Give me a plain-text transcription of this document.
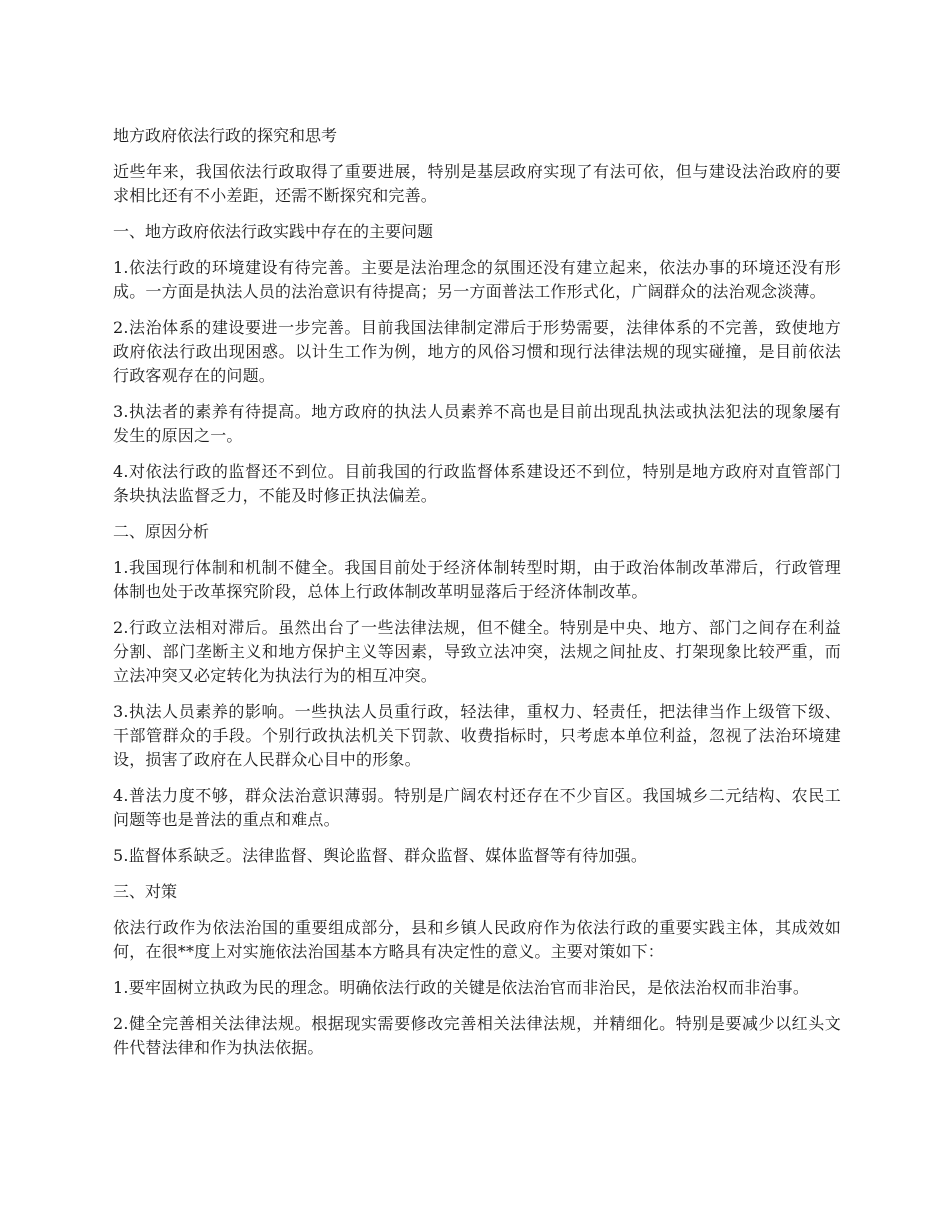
地方政府依法行政的探究和思考

近些年来，我国依法行政取得了重要进展，特别是基层政府实现了有法可依，但与建设法治政府的要求相比还有不小差距，还需不断探究和完善。

一、地方政府依法行政实践中存在的主要问题

1.依法行政的环境建设有待完善。主要是法治理念的氛围还没有建立起来，依法办事的环境还没有形成。一方面是执法人员的法治意识有待提高；另一方面普法工作形式化，广阔群众的法治观念淡薄。

2.法治体系的建设要进一步完善。目前我国法律制定滞后于形势需要，法律体系的不完善，致使地方政府依法行政出现困惑。以计生工作为例，地方的风俗习惯和现行法律法规的现实碰撞，是目前依法行政客观存在的问题。

3.执法者的素养有待提高。地方政府的执法人员素养不高也是目前出现乱执法或执法犯法的现象屡有发生的原因之一。

4.对依法行政的监督还不到位。目前我国的行政监督体系建设还不到位，特别是地方政府对直管部门条块执法监督乏力，不能及时修正执法偏差。

二、原因分析

1.我国现行体制和机制不健全。我国目前处于经济体制转型时期，由于政治体制改革滞后，行政管理体制也处于改革探究阶段，总体上行政体制改革明显落后于经济体制改革。

2.行政立法相对滞后。虽然出台了一些法律法规，但不健全。特别是中央、地方、部门之间存在利益分割、部门垄断主义和地方保护主义等因素，导致立法冲突，法规之间扯皮、打架现象比较严重，而立法冲突又必定转化为执法行为的相互冲突。

3.执法人员素养的影响。一些执法人员重行政，轻法律，重权力、轻责任，把法律当作上级管下级、干部管群众的手段。个别行政执法机关下罚款、收费指标时，只考虑本单位利益，忽视了法治环境建设，损害了政府在人民群众心目中的形象。

4.普法力度不够，群众法治意识薄弱。特别是广阔农村还存在不少盲区。我国城乡二元结构、农民工问题等也是普法的重点和难点。

5.监督体系缺乏。法律监督、舆论监督、群众监督、媒体监督等有待加强。

三、对策

依法行政作为依法治国的重要组成部分，县和乡镇人民政府作为依法行政的重要实践主体，其成效如何，在很**度上对实施依法治国基本方略具有决定性的意义。主要对策如下：

1.要牢固树立执政为民的理念。明确依法行政的关键是依法治官而非治民，是依法治权而非治事。

2.健全完善相关法律法规。根据现实需要修改完善相关法律法规，并精细化。特别是要减少以红头文件代替法律和作为执法依据。
